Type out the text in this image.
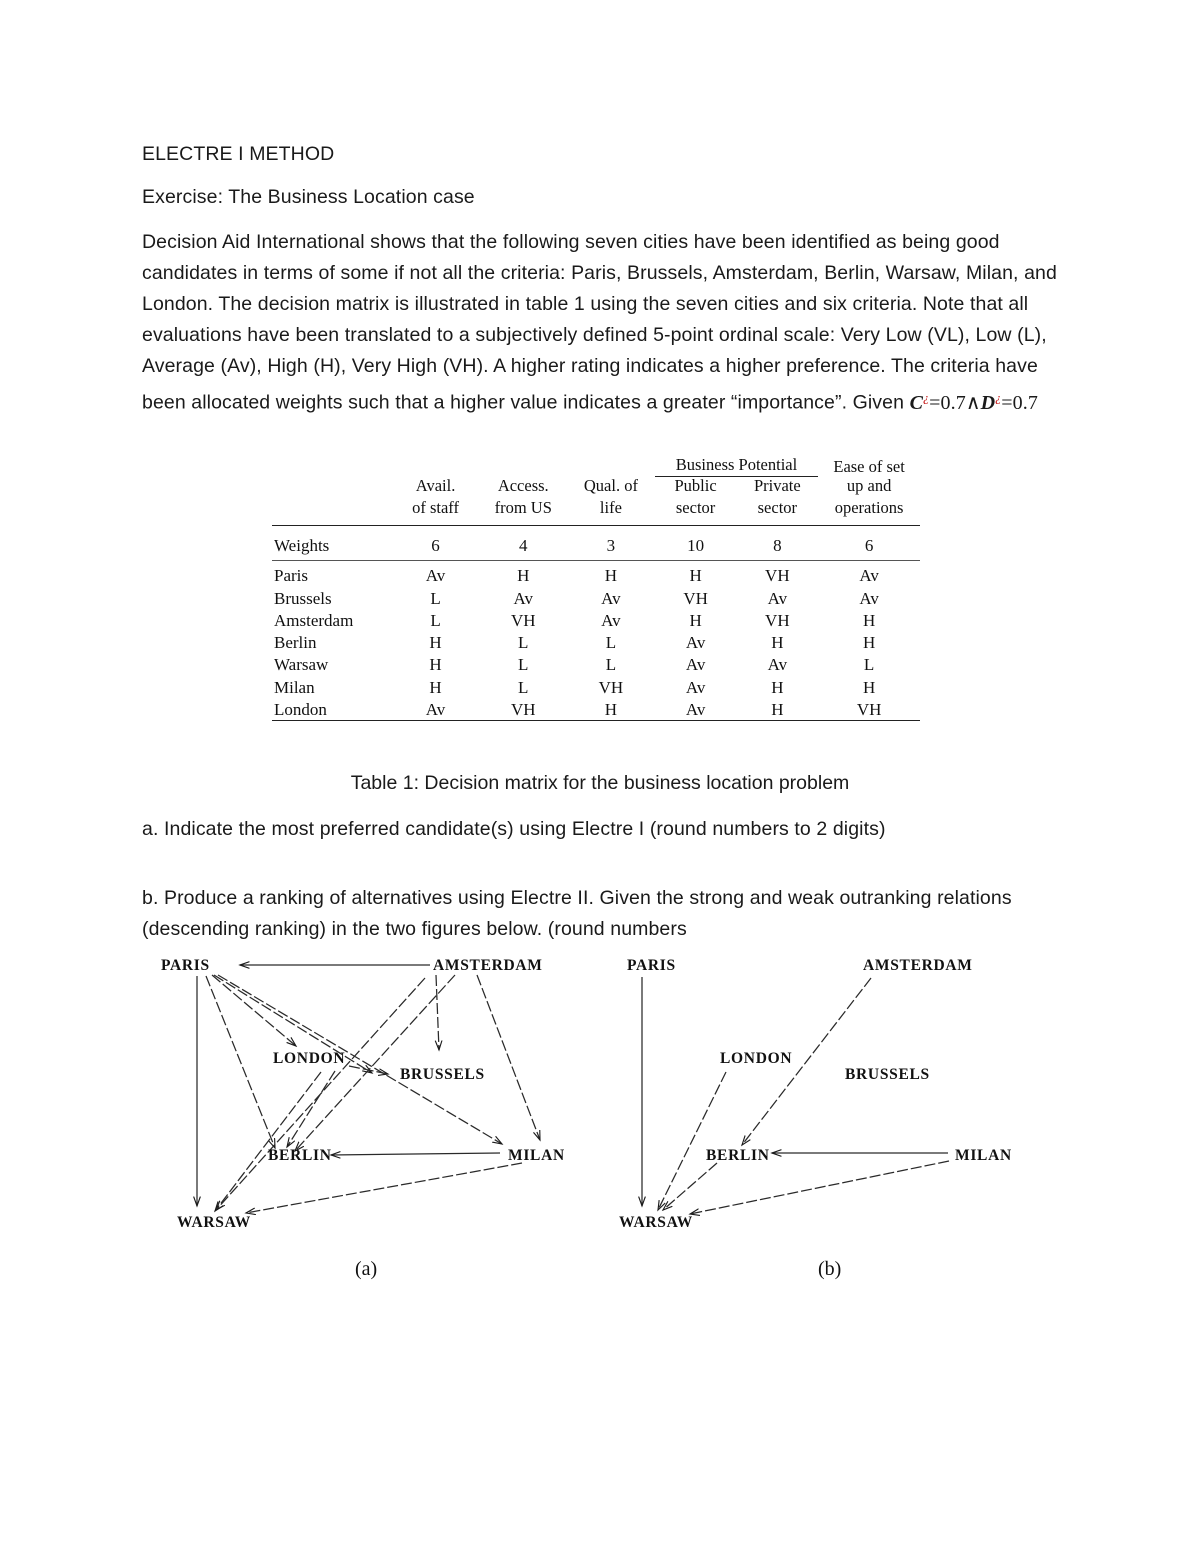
ELECTRE I METHOD
Exercise: The Business Location case
Decision Aid International shows that the following seven cities have been identified as being good candidates in terms of some if not all the criteria: Paris, Brussels, Amsterdam, Berlin, Warsaw, Milan, and London. The decision matrix is illustrated in table 1 using the seven cities and six criteria. Note that all evaluations have been translated to a subjectively defined 5-point ordinal scale: Very Low (VL), Low (L), Average (Av), High (H), Very High (VH). A higher rating indicates a higher preference. The criteria have been allocated weights such that a higher value indicates a greater “importance”. Given C¿=0.7∧D¿=0.7
				Business Potential		Ease of set
	Avail.	Access.	Qual. of	Public	Private	up and
	of staff	from US	life	sector	sector	operations

Weights	6	4	3	10	8	6

Paris	Av	H	H	H	VH	Av
Brussels	L	Av	Av	VH	Av	Av
Amsterdam	L	VH	Av	H	VH	H
Berlin	H	L	L	Av	H	H
Warsaw	H	L	L	Av	Av	L
Milan	H	L	VH	Av	H	H
London	Av	VH	H	Av	H	VH

Table 1: Decision matrix for the business location problem
a. Indicate the most preferred candidate(s) using Electre I (round numbers to 2 digits)
b. Produce a ranking of alternatives using Electre II. Given the strong and weak outranking relations (descending ranking) in the two figures below. (round numbers
PARIS	AMSTERDAM
LONDON
BRUSSELS
BERLIN	MILAN
WARSAW
PARIS	AMSTERDAM
LONDON
BRUSSELS
BERLIN	MILAN
WARSAW
(a)	(b)
